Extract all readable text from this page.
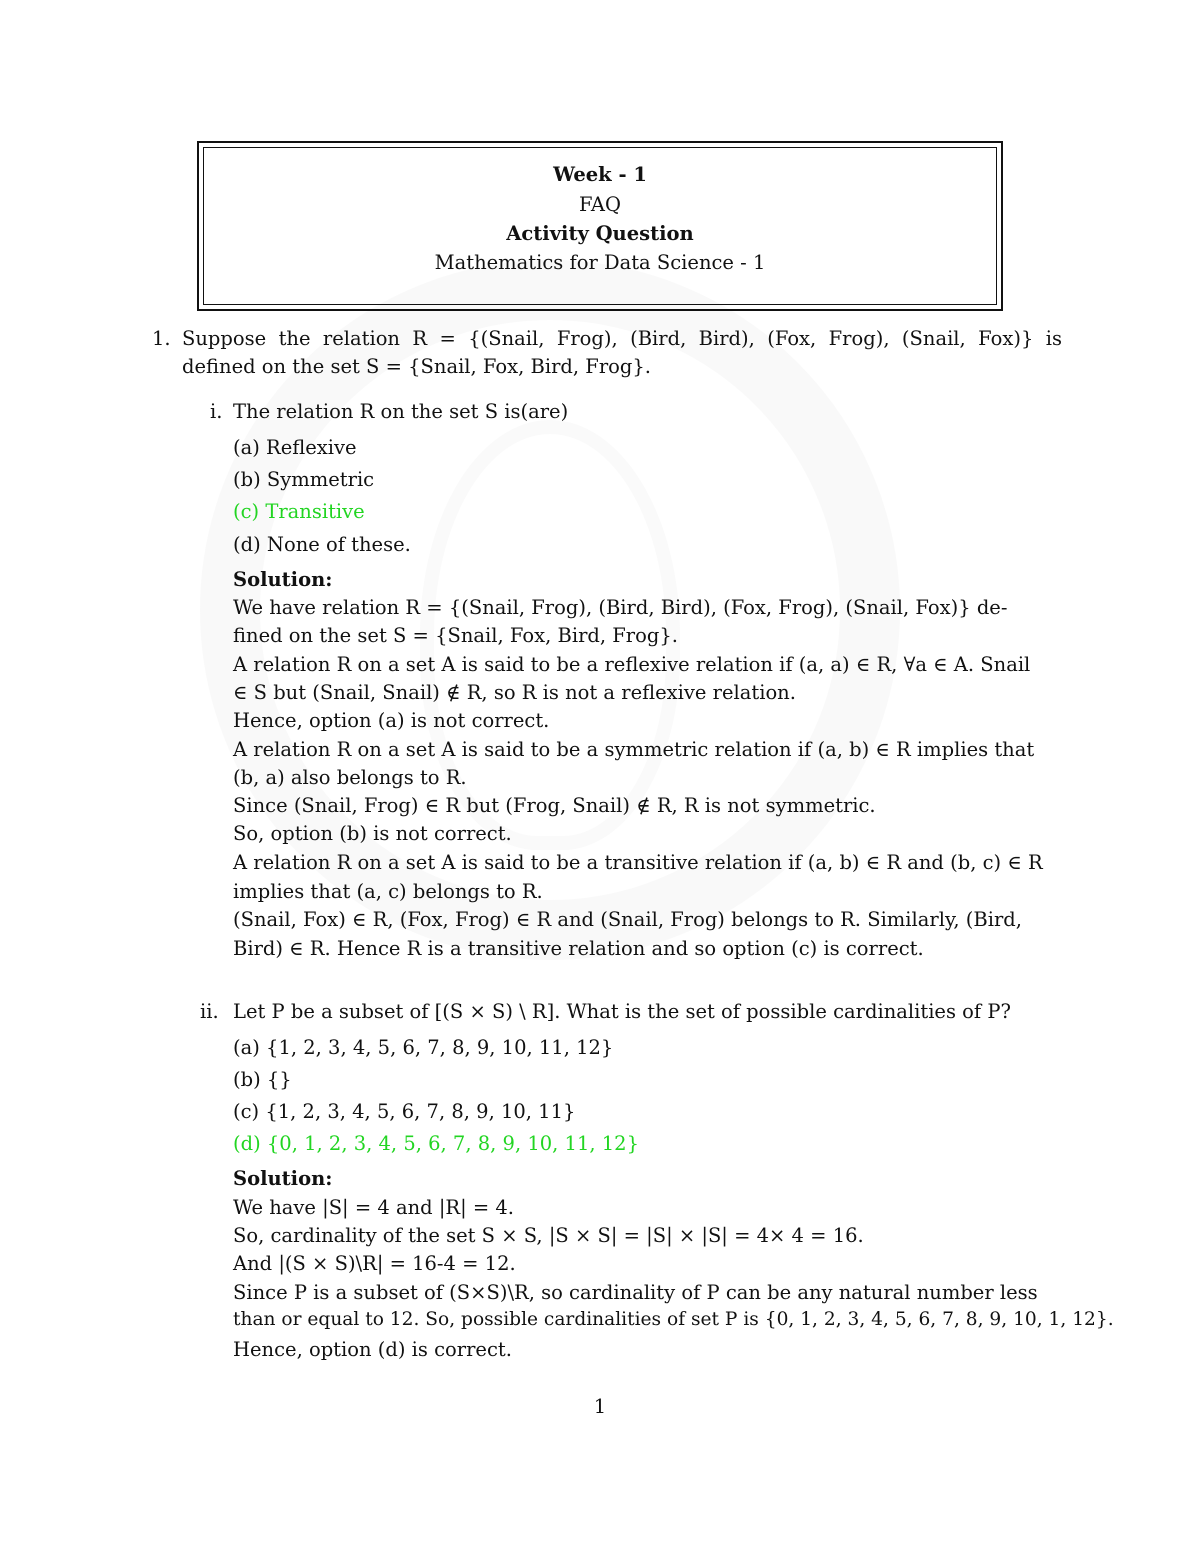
Week - 1
FAQ
Activity Question
Mathematics for Data Science - 1
1. Suppose the relation R = {(Snail, Frog), (Bird, Bird), (Fox, Frog), (Snail, Fox)} is
defined on the set S = {Snail, Fox, Bird, Frog}.
i. The relation R on the set S is(are)
(a) Reflexive
(b) Symmetric
(c) Transitive
(d) None of these.
Solution:
We have relation R = {(Snail, Frog), (Bird, Bird), (Fox, Frog), (Snail, Fox)} de-
fined on the set S = {Snail, Fox, Bird, Frog}.
A relation R on a set A is said to be a reflexive relation if (a, a) ∈ R, ∀a ∈ A. Snail
∈ S but (Snail, Snail) ∉ R, so R is not a reflexive relation.
Hence, option (a) is not correct.
A relation R on a set A is said to be a symmetric relation if (a, b) ∈ R implies that
(b, a) also belongs to R.
Since (Snail, Frog) ∈ R but (Frog, Snail) ∉ R, R is not symmetric.
So, option (b) is not correct.
A relation R on a set A is said to be a transitive relation if (a, b) ∈ R and (b, c) ∈ R
implies that (a, c) belongs to R.
(Snail, Fox) ∈ R, (Fox, Frog) ∈ R and (Snail, Frog) belongs to R. Similarly, (Bird,
Bird) ∈ R. Hence R is a transitive relation and so option (c) is correct.
ii. Let P be a subset of [(S × S) \ R]. What is the set of possible cardinalities of P?
(a) {1, 2, 3, 4, 5, 6, 7, 8, 9, 10, 11, 12}
(b) {}
(c) {1, 2, 3, 4, 5, 6, 7, 8, 9, 10, 11}
(d) {0, 1, 2, 3, 4, 5, 6, 7, 8, 9, 10, 11, 12}
Solution:
We have |S| = 4 and |R| = 4.
So, cardinality of the set S × S, |S × S| = |S| × |S| = 4× 4 = 16.
And |(S × S)\R| = 16-4 = 12.
Since P is a subset of (S×S)\R, so cardinality of P can be any natural number less
than or equal to 12. So, possible cardinalities of set P is {0, 1, 2, 3, 4, 5, 6, 7, 8, 9, 10, 1, 12}.
Hence, option (d) is correct.
1
